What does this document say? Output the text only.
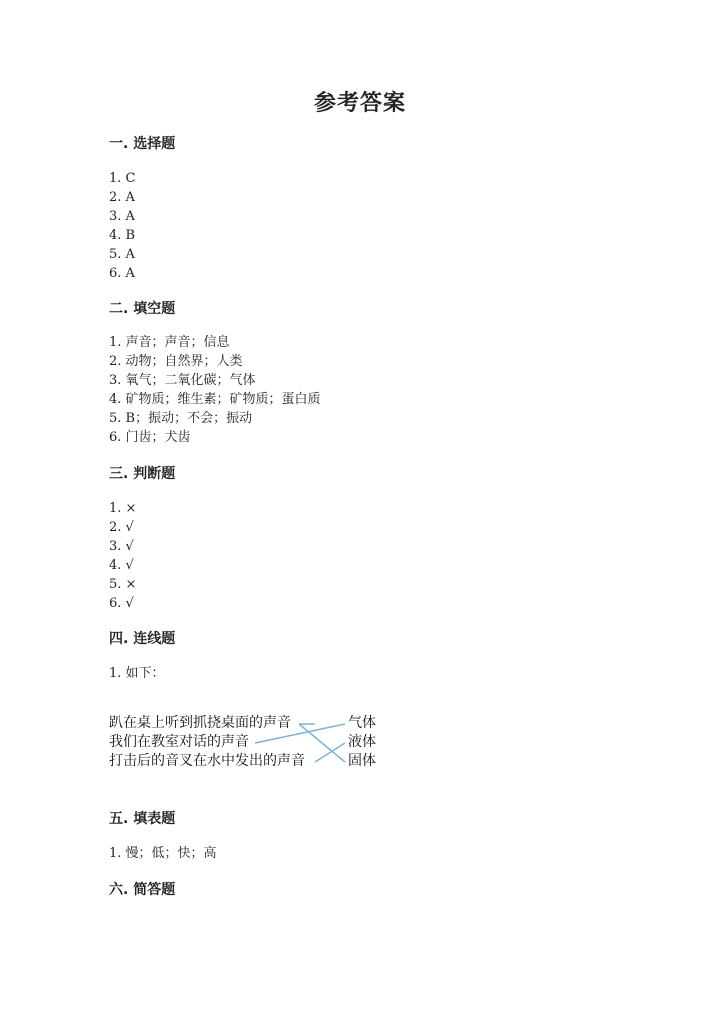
参考答案
一. 选择题
1. C
2. A
3. A
4. B
5. A
6. A
二. 填空题
1. 声音；声音；信息
2. 动物；自然界；人类
3. 氧气；二氧化碳；气体
4. 矿物质；维生素；矿物质；蛋白质
5. B；振动；不会；振动
6. 门齿；犬齿
三. 判断题
1. ×
2. √
3. √
4. √
5. ×
6. √
四. 连线题
1. 如下：
趴在桌上听到抓挠桌面的声音
我们在教室对话的声音
打击后的音叉在水中发出的声音
气体
液体
固体
五. 填表题
1. 慢；低；快；高
六. 简答题
